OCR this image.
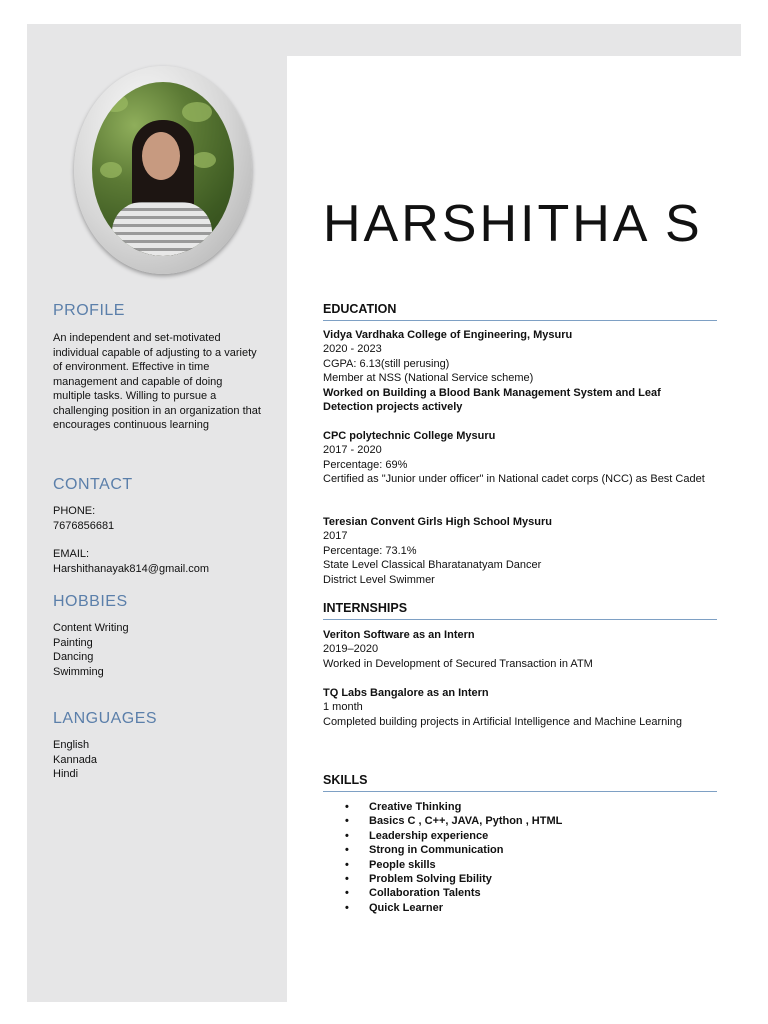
PROFILE

An independent and set-motivated individual capable of adjusting to a variety of environment. Effective in time management and capable of doing multiple tasks. Willing to pursue a challenging position in an organization that encourages continuous learning

CONTACT
PHONE:
7676856681
EMAIL:
Harshithanayak814@gmail.com
HOBBIES
Content Writing
Painting
Dancing
Swimming
LANGUAGES
English
Kannada
Hindi
HARSHITHA S
EDUCATION
Vidya Vardhaka College of Engineering, Mysuru
2020 - 2023
CGPA: 6.13(still perusing)
Member at NSS (National Service scheme)
Worked on Building a Blood Bank Management System and Leaf Detection projects actively
CPC polytechnic College Mysuru
2017 - 2020
Percentage: 69%
Certified as "Junior under officer" in National cadet corps (NCC) as Best Cadet
Teresian Convent Girls High School Mysuru
2017
Percentage: 73.1%
State Level Classical Bharatanatyam Dancer
District Level Swimmer
INTERNSHIPS
Veriton Software as an Intern
2019–2020
Worked in Development of Secured Transaction in ATM
TQ Labs Bangalore as an Intern
1 month
Completed building projects in Artificial Intelligence and Machine Learning
SKILLS
• Creative Thinking
• Basics C , C++, JAVA, Python , HTML
• Leadership experience
• Strong in Communication
• People skills
• Problem Solving Ebility
• Collaboration Talents
• Quick Learner
